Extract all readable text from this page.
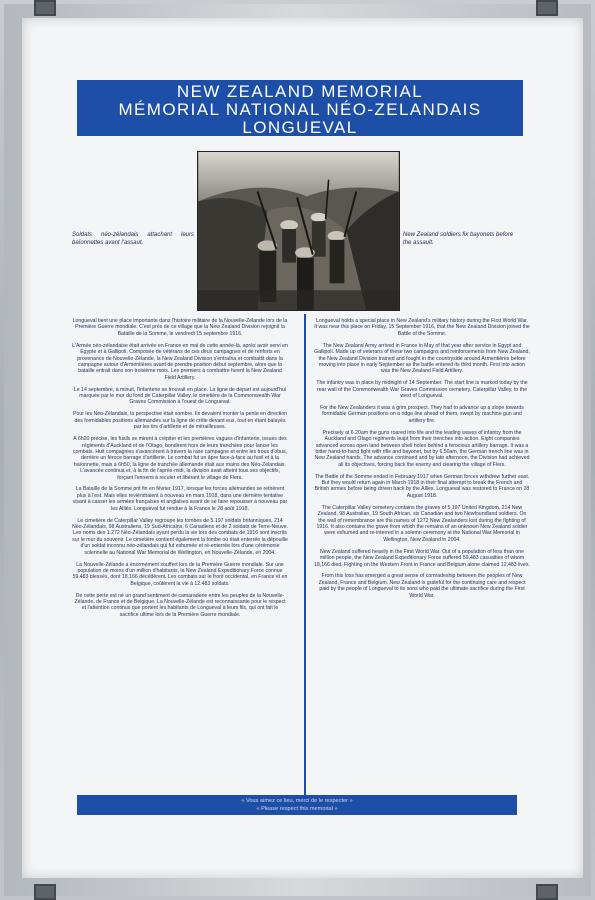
NEW ZEALAND MEMORIAL
MÉMORIAL NATIONAL NÉO-ZELANDAIS
LONGUEVAL
Soldats néo-zélandais attachant leurs baïonnettes avant l'assaut.
New Zealand soldiers fix bayonets before the assault.

Longueval tient une place importante dans l'histoire militaire de la Nouvelle-Zélande lors de la Première Guerre mondiale. C'est près de ce village que la New Zealand Division rejoignit la Bataille de la Somme, le vendredi 15 septembre 1916.

L'Armée néo-zélandaise était arrivée en France en mai de cette année-là, après avoir servi en Egypte et à Gallipoli. Composée de vétérans de ces deux campagnes et de renforts en provenance de Nouvelle-Zélande, la New Zealand Division s'entraîna et combattit dans la campagne autour d'Armentières avant de prendre position début septembre, alors que la bataille entrait dans son troisième mois. Les premiers à combattre furent la New Zealand Field Artillery.

Le 14 septembre, à minuit, l'infanterie se trouvait en place. La ligne de départ est aujourd'hui marquée par le mur du fond de Caterpillar Valley, le cimetière de la Commonwealth War Graves Commission à l'ouest de Longueval.

Pour les Néo-Zélandais, la perspective était sombre. Ils devaient monter la pente en direction des formidables positions allemandes sur la ligne de crête devant eux, tout en étant balayés par les tirs d'artillerie et de mitrailleuses.

A 6h20 précise, les fusils se mirent à crépiter et les premières vagues d'infanterie, issues des régiments d'Auckland et de l'Otago, bondirent hors de leurs tranchées pour lancer les combats. Huit compagnies s'avancèrent à travers la rase campagne et entre les trous d'obus, derrière un féroce barrage d'artillerie. Le combat fut un âpre face-à-face au fusil et à la baïonnette, mais à 6h50, la ligne de tranchée allemande était aux mains des Néo-Zélandais. L'avancée continua et, à la fin de l'après-midi, la division avait atteint tous ses objectifs, forçant l'ennemi à reculer et libérant le village de Flers.

La Bataille de la Somme prit fin en février 1917, lorsque les forces allemandes se retirèrent plus à l'est. Mais elles revièndraient à nouveau en mars 1918, dans une dernière tentative visant à casser les armées françaises et anglaises avant de se faire repousser à nouveau par les Alliés. Longueval fut rendue à la France le 28 août 1918.

Le cimetière de Caterpillar Valley regroupe les tombes de 5.197 soldats britanniques, 214 Néo-Zélandais, 98 Australiens, 19 Sud-Africains, 6 Canadiens et de 2 soldats de Terre-Neuve. Les noms des 1.272 Néo-Zélandais ayant perdu la vie lors des combats de 1916 sont inscrits sur le mur du souvenir. Le cimetière contient également la tombe où était enterrée la dépouille d'un soldat inconnu néo-zélandais qui fut exhumée et ré-enterrée lors d'une cérémonie solennelle au National War Memorial de Wellington, en Nouvelle-Zélande, en 2004.

La Nouvelle-Zélande a énormément souffert lors de la Première Guerre mondiale. Sur une population de moins d'un million d'habitants, la New Zealand Expeditionary Force connue 59.483 blessés, dont 18.166 décédèrent. Les combats sur le front occidental, en France et en Belgique, coûtèrent la vie à 12.483 soldats.

De cette perte est né un grand sentiment de camaraderie entre les peuples de la Nouvelle-Zélande, de France et de Belgique. La Nouvelle-Zélande est reconnaissante pour le respect et l'attention continus que portent les habitants de Longueval à leurs fils, qui ont fait le sacrifice ultime lors de la Première Guerre mondiale.

Longueval holds a special place in New Zealand's military history during the First World War. It was near this place on Friday, 15 September 1916, that the New Zealand Division joined the Battle of the Somme.

The New Zealand Army arrived in France in May of that year after service in Egypt and Gallipoli. Made up of veterans of these two campaigns and reinforcements from New Zealand, the New Zealand Division trained and fought in the countryside around Armentières before moving into place in early September as the battle entered its third month. First into action was the New Zealand Field Artillery.

The infantry was in place by midnight of 14 September. The start line is marked today by the rear wall of the Commonwealth War Graves Commission cemetery, Caterpillar Valley, to the west of Longueval.

For the New Zealanders it was a grim prospect. They had to advance up a slope towards formidable German positions on a ridge line ahead of them, swept by machine gun and artillery fire.

Precisely at 6.20am the guns roared into life and the leading waves of infantry from the Auckland and Otago regiments leapt from their trenches into action. Eight companies advanced across open land between shell holes behind a ferocious artillery barrage. It was a bitter hand-to-hand fight with rifle and bayonet, but by 6.50am, the German trench line was in New Zealand hands. The advance continued and by late afternoon, the Division had achieved all its objectives, forcing back the enemy and clearing the village of Flers.

The Battle of the Somme ended in February 1917 when German forces withdrew further east. But they would return again in March 1918 in their final attempt to break the French and British armies before being driven back by the Allies. Longueval was restored to France on 28 August 1918.

The Caterpillar Valley cemetery contains the graves of 5,197 United Kingdom, 214 New Zealand, 98 Australian, 19 South African, six Canadian and two Newfoundland soldiers. On the wall of remembrance are the names of 1272 New Zealanders lost during the fighting of 1916. It also contains the grave from which the remains of an unknown New Zealand soldier were exhumed and re-interred in a solemn ceremony at the National War Memorial in Wellington, New Zealand in 2004.

New Zealand suffered heavily in the First World War. Out of a population of less than one million people, the New Zealand Expeditionary Force suffered 59,483 casualties of whom 18,166 died. Fighting on the Western Front in France and Belgium alone claimed 12,483 lives.

From this loss has emerged a great sense of comradeship between the peoples of New Zealand, France and Belgium. New Zealand is grateful for the continuing care and respect paid by the people of Longueval to its sons who paid the ultimate sacrifice during the First World War.

« Vous aimez ce lieu, merci de le respecter »
« Please respect this memorial »
